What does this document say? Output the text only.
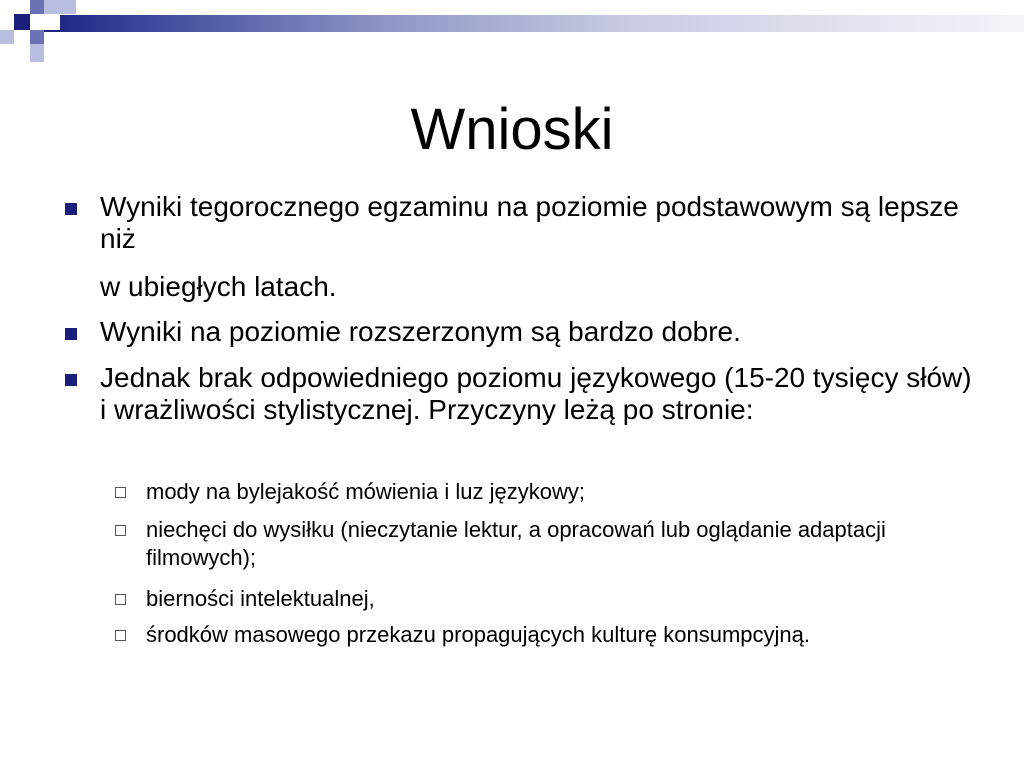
Wnioski
Wyniki tegorocznego egzaminu na poziomie podstawowym są lepsze niż
w ubiegłych latach.
Wyniki na poziomie rozszerzonym są bardzo dobre.
Jednak brak odpowiedniego poziomu językowego (15-20 tysięcy słów) i wrażliwości stylistycznej. Przyczyny leżą po stronie:
mody na bylejakość mówienia i luz językowy;
niechęci do wysiłku (nieczytanie lektur, a opracowań lub oglądanie adaptacji filmowych);
bierności intelektualnej,
środków masowego przekazu propagujących kulturę konsumpcyjną.
